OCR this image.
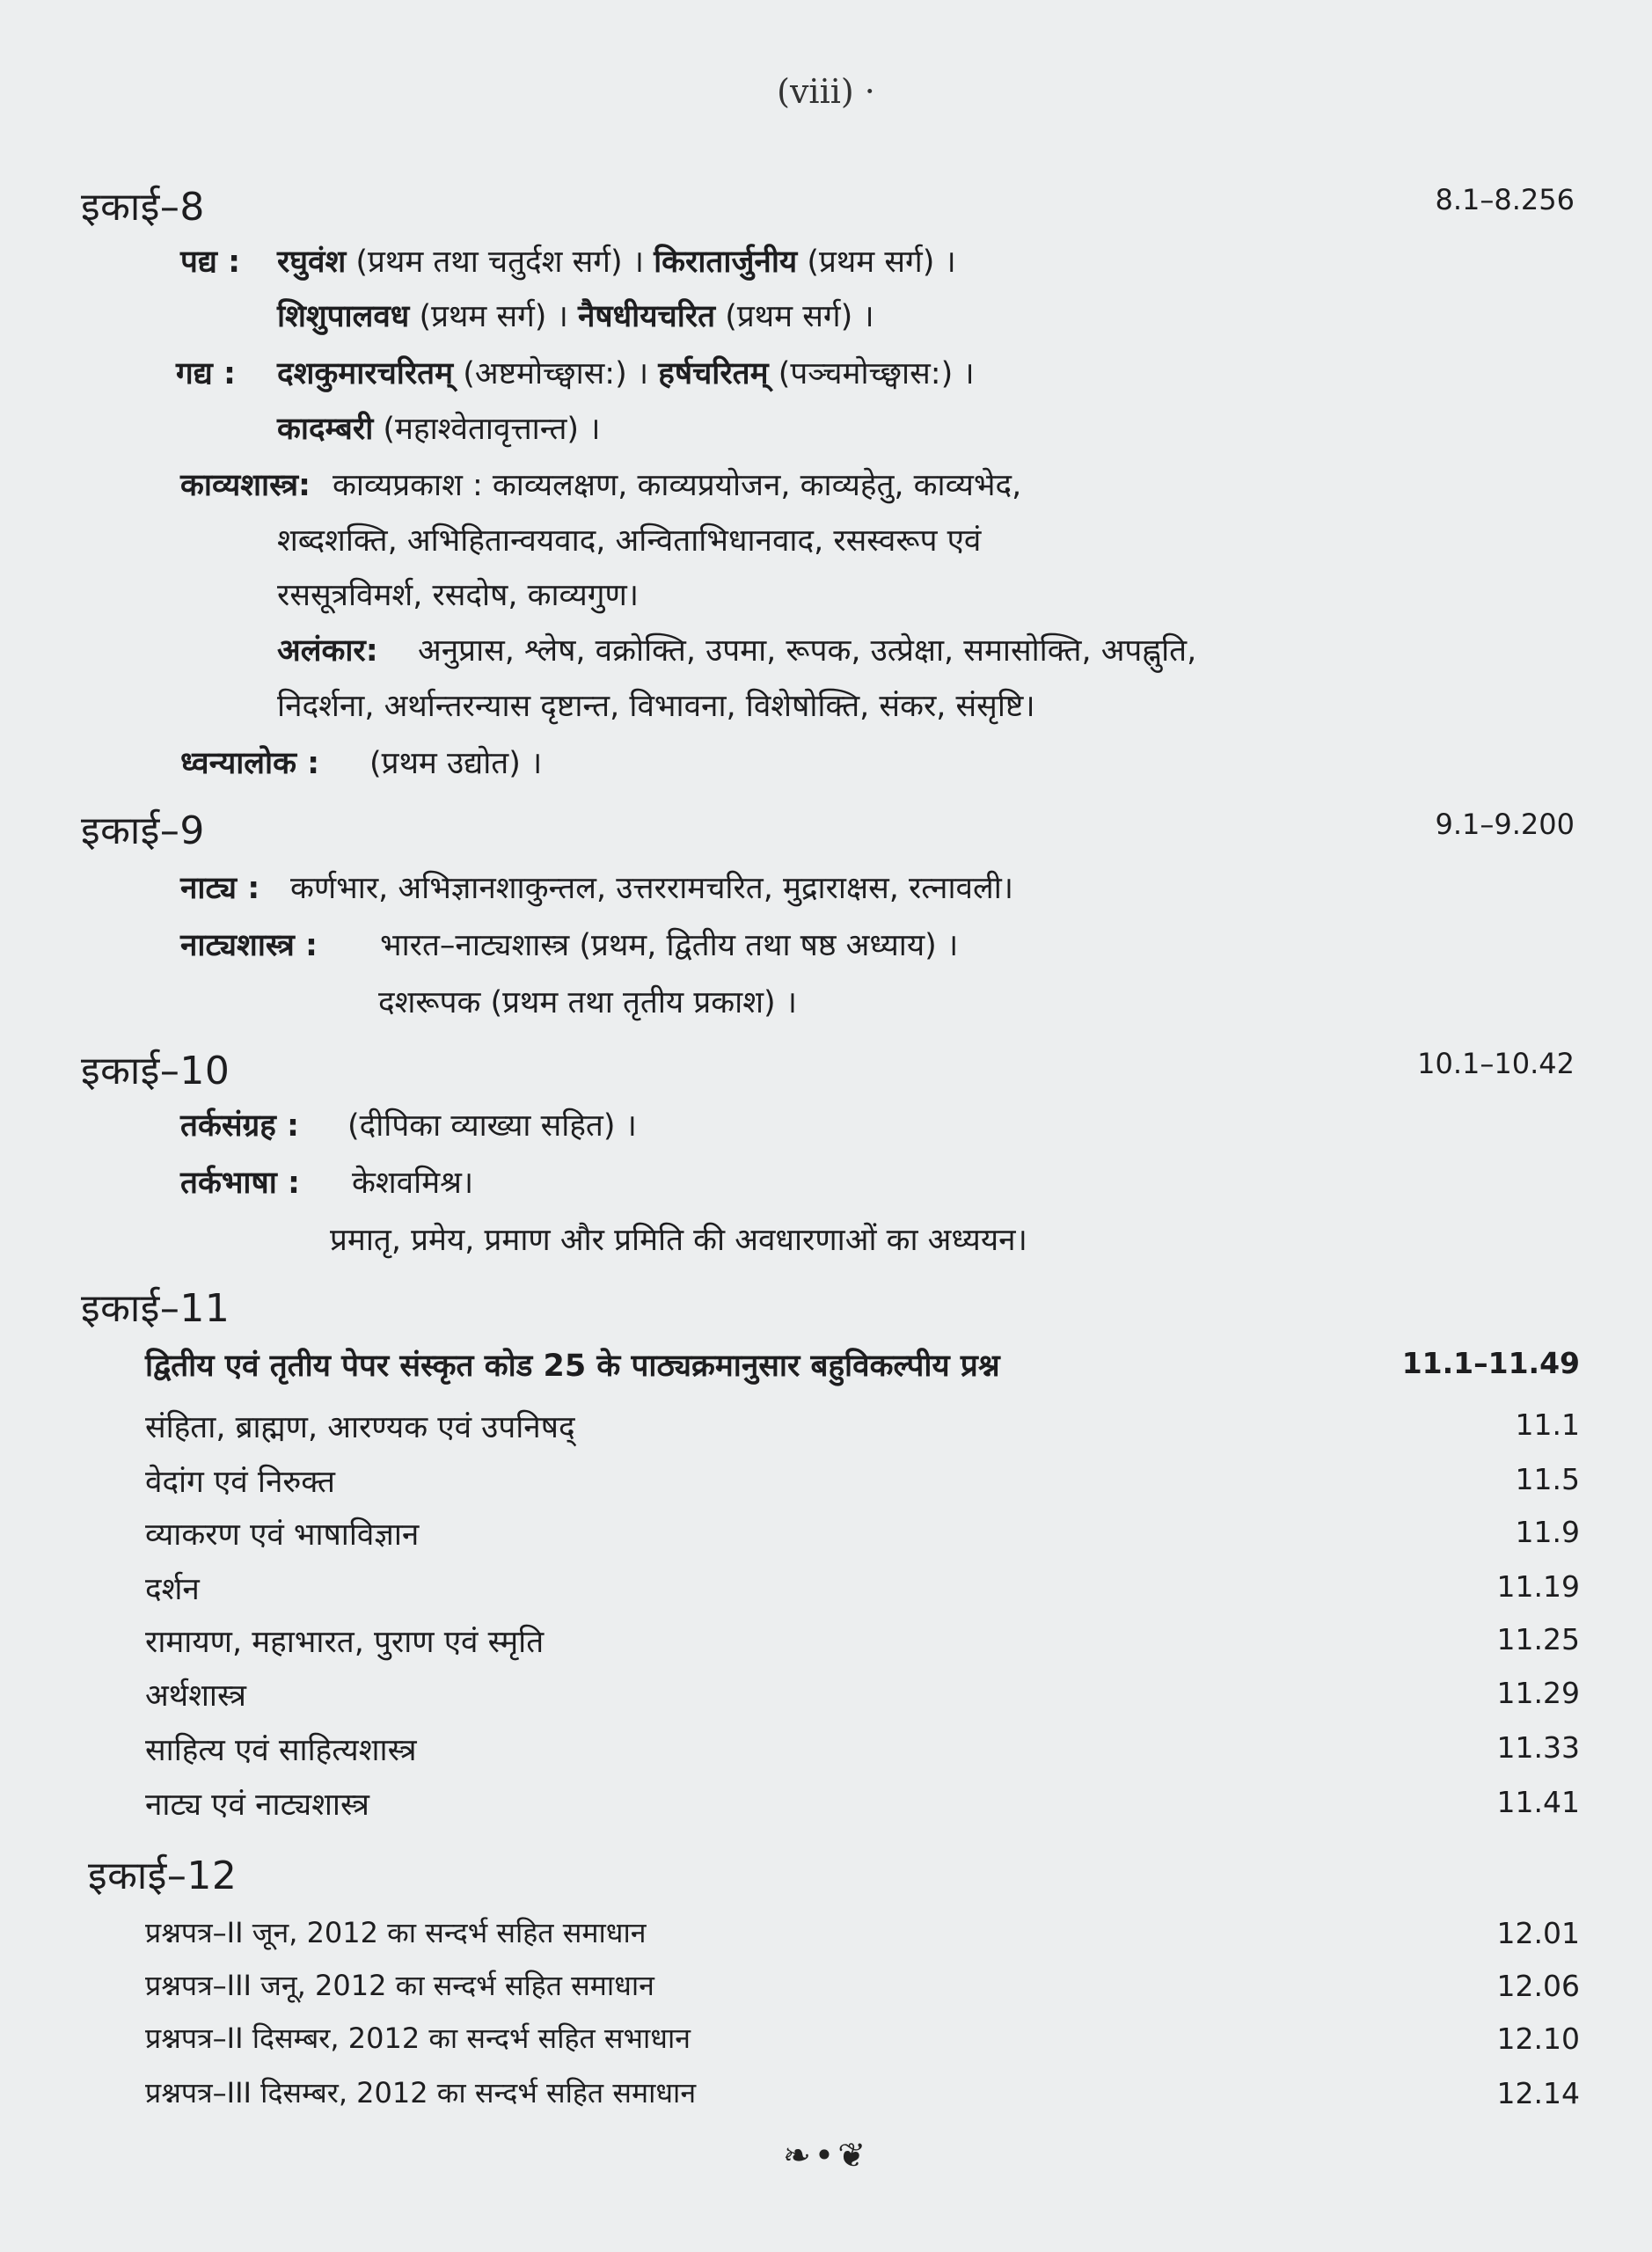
(viii) ·
इकाई–8	8.1–8.256
पद्य : रघुवंश (प्रथम तथा चतुर्दश सर्ग) । किरातार्जुनीय (प्रथम सर्ग) ।
शिशुपालवध (प्रथम सर्ग) । नैषधीयचरित (प्रथम सर्ग) ।
गद्य : दशकुमारचरितम् (अष्टमोच्छ्वास:) । हर्षचरितम् (पञ्चमोच्छ्वास:) ।
कादम्बरी (महाश्वेतावृत्तान्त) ।
काव्यशास्त्र: काव्यप्रकाश : काव्यलक्षण, काव्यप्रयोजन, काव्यहेतु, काव्यभेद,
शब्दशक्ति, अभिहितान्वयवाद, अन्विताभिधानवाद, रसस्वरूप एवं
रससूत्रविमर्श, रसदोष, काव्यगुण।
अलंकार: अनुप्रास, श्लेष, वक्रोक्ति, उपमा, रूपक, उत्प्रेक्षा, समासोक्ति, अपह्नुति,
निदर्शना, अर्थान्तरन्यास दृष्टान्त, विभावना, विशेषोक्ति, संकर, संसृष्टि।
ध्वन्यालोक : (प्रथम उद्योत) ।
इकाई–9	9.1–9.200
नाट्य : कर्णभार, अभिज्ञानशाकुन्तल, उत्तररामचरित, मुद्राराक्षस, रत्नावली।
नाट्यशास्त्र : भारत–नाट्यशास्त्र (प्रथम, द्वितीय तथा षष्ठ अध्याय) ।
दशरूपक (प्रथम तथा तृतीय प्रकाश) ।
इकाई–10	10.1–10.42
तर्कसंग्रह : (दीपिका व्याख्या सहित) ।
तर्कभाषा : केशवमिश्र।
प्रमातृ, प्रमेय, प्रमाण और प्रमिति की अवधारणाओं का अध्ययन।
इकाई–11
द्वितीय एवं तृतीय पेपर संस्कृत कोड 25 के पाठ्यक्रमानुसार बहुविकल्पीय प्रश्न	11.1–11.49
संहिता, ब्राह्मण, आरण्यक एवं उपनिषद्	11.1
वेदांग एवं निरुक्त	11.5
व्याकरण एवं भाषाविज्ञान	11.9
दर्शन	11.19
रामायण, महाभारत, पुराण एवं स्मृति	11.25
अर्थशास्त्र	11.29
साहित्य एवं साहित्यशास्त्र	11.33
नाट्य एवं नाट्यशास्त्र	11.41
इकाई–12
प्रश्नपत्र–II जून, 2012 का सन्दर्भ सहित समाधान	12.01
प्रश्नपत्र–III जनू, 2012 का सन्दर्भ सहित समाधान	12.06
प्रश्नपत्र–II दिसम्बर, 2012 का सन्दर्भ सहित सभाधान	12.10
प्रश्नपत्र–III दिसम्बर, 2012 का सन्दर्भ सहित समाधान	12.14
❧•❦
